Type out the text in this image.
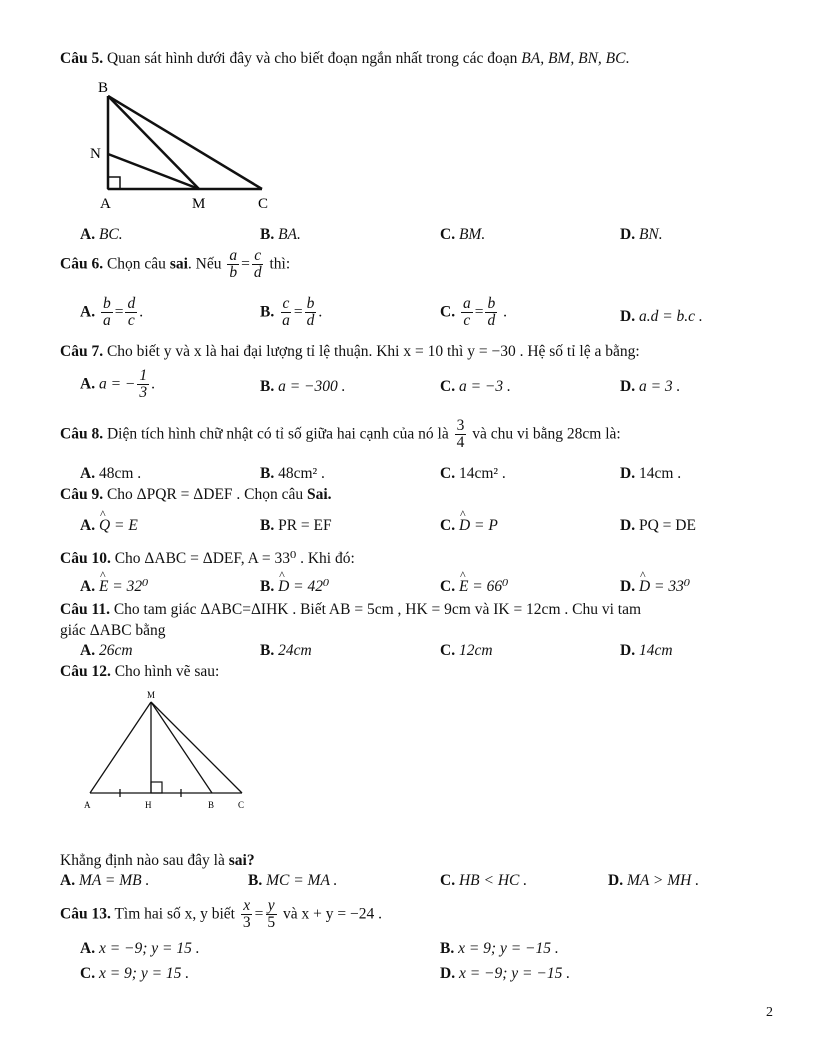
Câu 5. Quan sát hình dưới đây và cho biết đoạn ngắn nhất trong các đoạn BA, BM, BN, BC.
B
N
A	M	C
A. BC.	B. BA.	C. BM.	D. BN.
Câu 6. Chọn câu sai. Nếu $\frac{a}{b} = \frac{c}{d}$ thì:
A. $\frac{b}{a} = \frac{d}{c}$ .	B. $\frac{c}{a} = \frac{b}{d}$ .	C. $\frac{a}{c} = \frac{b}{d}$ .	D. a.d = b.c .
Câu 7. Cho biết y và x là hai đại lượng tỉ lệ thuận. Khi x = 10 thì y = −30 . Hệ số tỉ lệ a bằng:
A. a = − $\frac{1}{3}$ .	B. a = −300 .	C. a = −3 .	D. a = 3 .
Câu 8. Diện tích hình chữ nhật có tỉ số giữa hai cạnh của nó là $\frac{3}{4}$ và chu vi bằng 28cm là:
A. 48cm .	B. 48cm² .	C. 14cm² .	D. 14cm .
Câu 9. Cho ΔPQR = ΔDEF . Chọn câu Sai.
A. ^ Q = E	B. PR = EF	C. ^ D = P	D. PQ = DE
Câu 10. Cho ΔABC = ΔDEF, A = 33⁰ . Khi đó:
A. ^ E = 32⁰	B. ^ D = 42⁰	C. ^ E = 66⁰	D. ^ D = 33⁰
Câu 11. Cho tam giác ΔABC=ΔIHK . Biết AB = 5cm , HK = 9cm và IK = 12cm . Chu vi tam
giác ΔABC bằng
A. 26cm	B. 24cm	C. 12cm	D. 14cm
Câu 12. Cho hình vẽ sau:
M
A	H	B	C
Khẳng định nào sau đây là sai?
A. MA = MB .	B. MC = MA .	C. HB < HC .	D. MA > MH .
Câu 13. Tìm hai số x, y biết $\frac{x}{3} = \frac{y}{5}$ và x + y = −24 .
A. x = −9; y = 15 .	B. x = 9; y = −15 .
C. x = 9; y = 15 .	D. x = −9; y = −15 .
2
